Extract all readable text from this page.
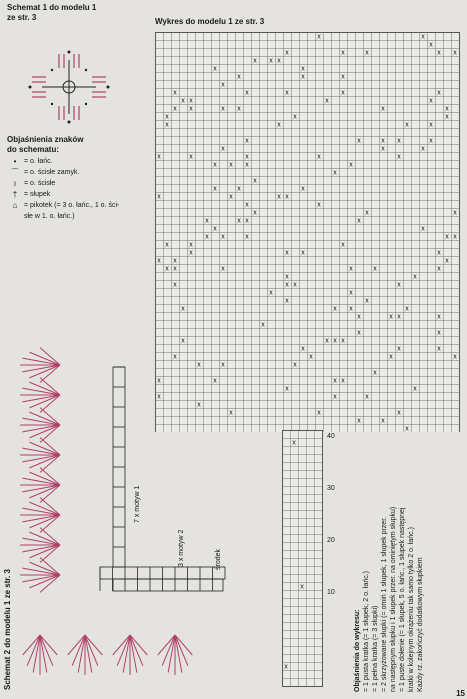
Schemat 1 do modelu 1
ze str. 3
Objaśnienia znaków
do schematu:
•	= o. łańc.
⌒ = o. ścisłe zamyk.
ı	= o. ścisłe
† = słupek
⌂ = pikotek (= 3 o. łańc., 1 o. ści-
słe w 1. o. łańc.)
Wykres do modelu 1 ze str. 3
x	x
x
x	x	x	x x
x x x
x	x
x	x	x
x
x	x	x	x	x
x x	x	x
x x	x x	x	x
x	x	x
x	x	x	x
x	x	x x	x
x	x	x
x	x	x	x	x
x x x	x
x
x
x	x	x
x	x	x x
x	x
x	x	x
x	x x	x
x	x
x x	x	x x
x	x	x
x	x x	x
x x	x
x x	x	x	x	x
x	x
x	x x	x
x	x
x	x
x	x x	x
x	x x	x
x
x	x
x	x x x
x	x	x
x	x	x	x
x	x	x
x
x	x	x x
x	x
x	x	x
x
x	x	x
x	x
x
x
x
x
40
30
20
10
Schemat 2 do modelu 1 ze str. 3
7 x motyw 1
3 x motyw 2	środek
Objaśnienia do wykresu: = 1 pusta kratka (= 1 słupek, 2 o. łańc.) = 1 pełna kratka (= 3 słupki) = 2 skrzyżowane słupki (= omiń 1 słupek, 1 słupek przer. na następnym słupku i 1 słupek przer. na ominiętym słupku) = 1 puste dołenie (= 1 słupek, 5 o. łańc., 1 słupek następnej kratki w kolejnym okrążeniu tak samo tylko 2 o. łańc.) Każdy rz. zakończyć dodatkowym słupkiem
15
